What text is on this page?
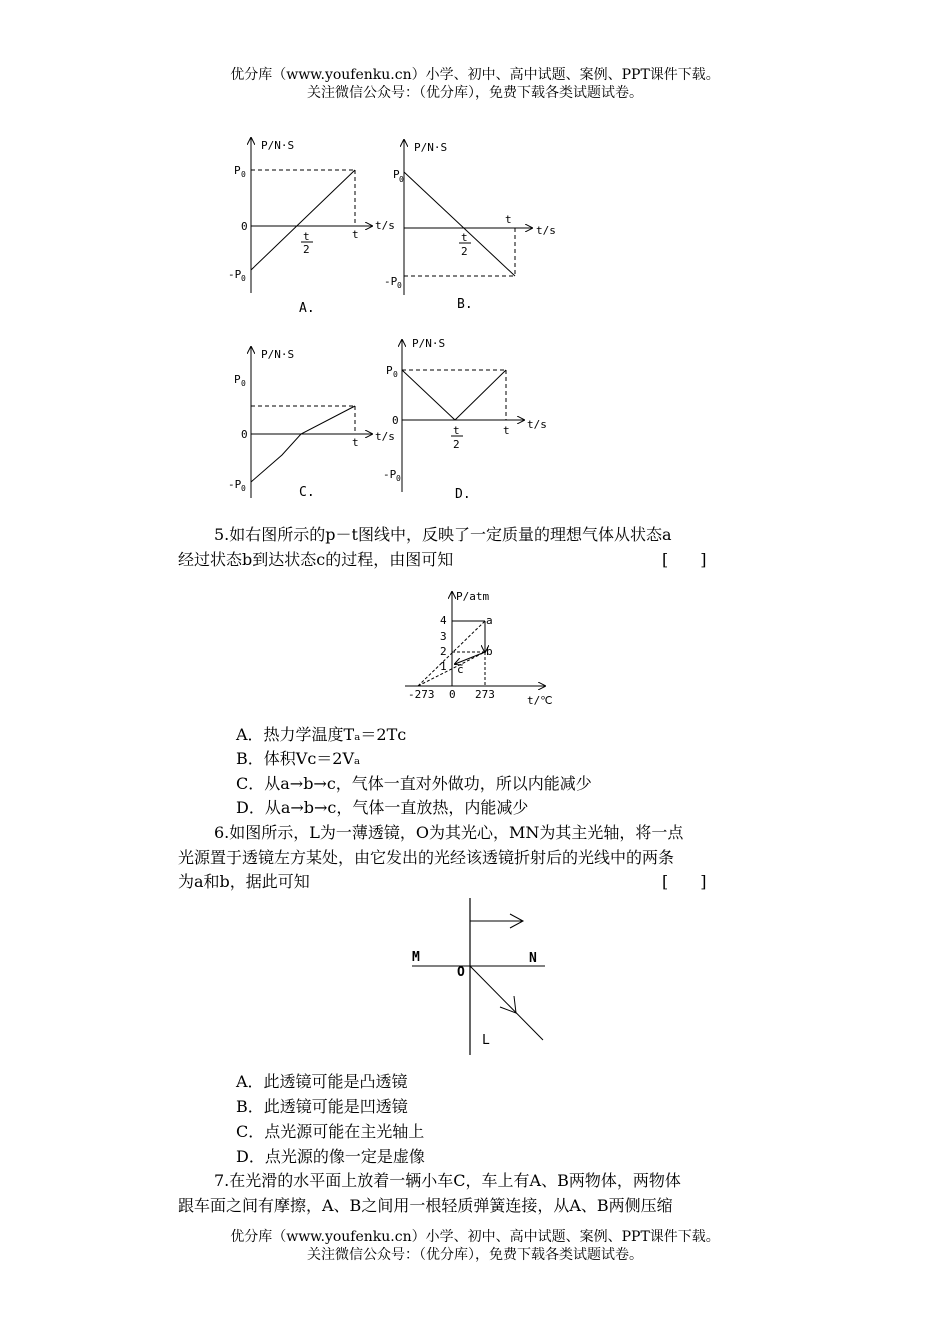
优分库（www.youfenku.cn）小学、初中、高中试题、案例、PPT课件下载。
关注微信公众号：（优分库），免费下载各类试题试卷。
P/N·S
t/s
P 0
0
-P 0
t
2
t
A.
P/N·S
t/s
P 0
-P 0
t
2
t
B.
P/N·S
t/s
P 0
0
-P 0
t
C.
P/N·S
t/s
P 0
0
-P 0
t
2
t
D.
5.如右图所示的p－t图线中，反映了一定质量的理想气体从状态a
经过状态b到达状态c的过程，由图可知	[　　]
P/atm
4
3
2
1
-273 0 273	t/℃
a
b
c
A．热力学温度Tₐ＝2Tᴄ
B．体积Vᴄ＝2Vₐ
C．从a→b→c，气体一直对外做功，所以内能减少
D．从a→b→c，气体一直放热，内能减少
6.如图所示，L为一薄透镜，O为其光心，MN为其主光轴，将一点
光源置于透镜左方某处，由它发出的光经该透镜折射后的光线中的两条
为a和b，据此可知	[　　]
M	N
O
L
A．此透镜可能是凸透镜
B．此透镜可能是凹透镜
C．点光源可能在主光轴上
D．点光源的像一定是虚像
7.在光滑的水平面上放着一辆小车C，车上有A、B两物体，两物体
跟车面之间有摩擦，A、B之间用一根轻质弹簧连接，从A、B两侧压缩
优分库（www.youfenku.cn）小学、初中、高中试题、案例、PPT课件下载。
关注微信公众号：（优分库），免费下载各类试题试卷。
